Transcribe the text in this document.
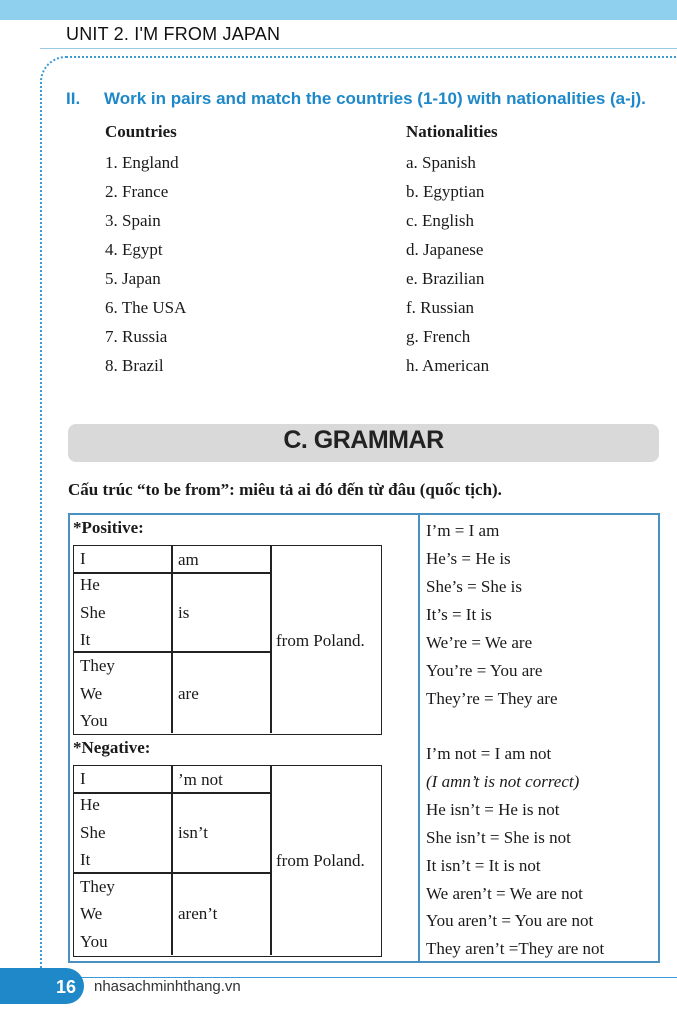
UNIT 2. I'M FROM JAPAN
II. Work in pairs and match the countries (1-10) with nationalities (a-j).
Countries	Nationalities
1. England
2. France
3. Spain
4. Egypt
5. Japan
6. The USA
7. Russia
8. Brazil
a. Spanish
b. Egyptian
c. English
d. Japanese
e. Brazilian
f. Russian
g. French
h. American
C. GRAMMAR
Cấu trúc “to be from”: miêu tả ai đó đến từ đâu (quốc tịch).
*Positive:
I
He
She
It
They
We
You
am
is
are
from Poland.
*Negative:
I
He
She
It
They
We
You
’m not
isn’t
aren’t
from Poland.
I’m = I am
He’s = He is
She’s = She is
It’s = It is
We’re = We are
You’re = You are
They’re = They are
I’m not = I am not
(I amn’t is not correct)
He isn’t = He is not
She isn’t = She is not
It isn’t = It is not
We aren’t = We are not
You aren’t = You are not
They aren’t =They are not
16	nhasachminhthang.vn
